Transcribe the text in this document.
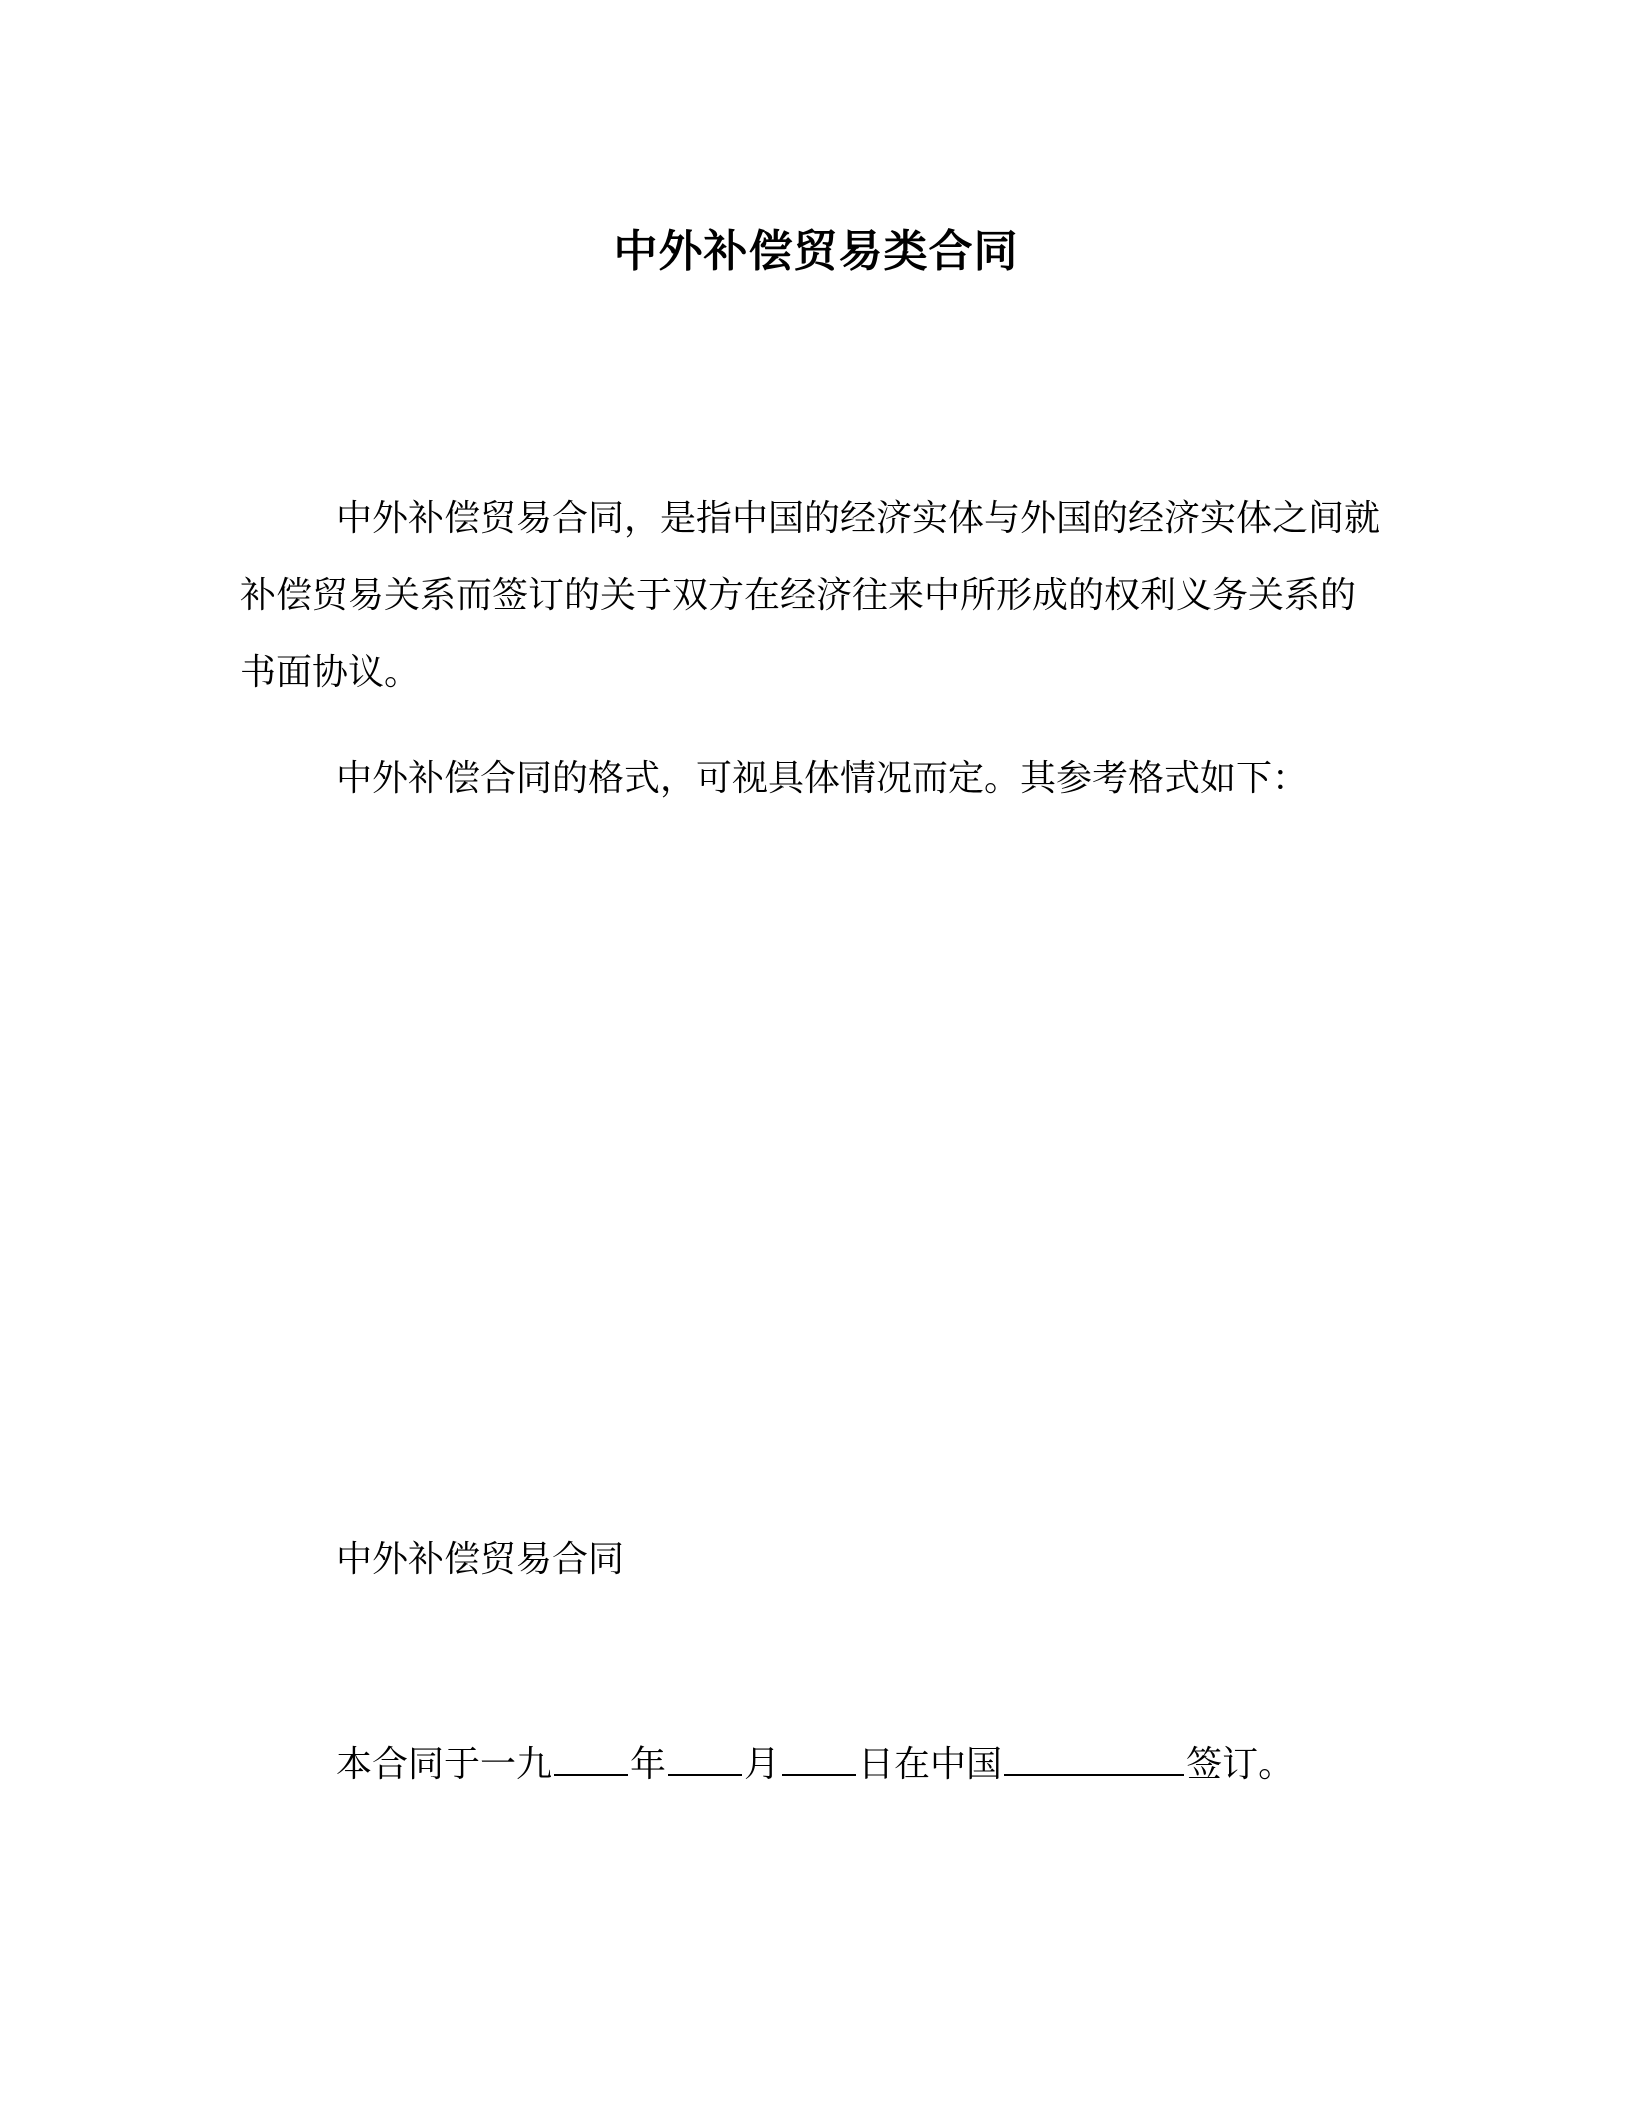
中外补偿贸易类合同

中外补偿贸易合同，是指中国的经济实体与外国的经济实体之间就补偿贸易关系而签订的关于双方在经济往来中所形成的权利义务关系的书面协议。

中外补偿合同的格式，可视具体情况而定。其参考格式如下：

中外补偿贸易合同
本合同于一九 年 月 日在中国	签订。
